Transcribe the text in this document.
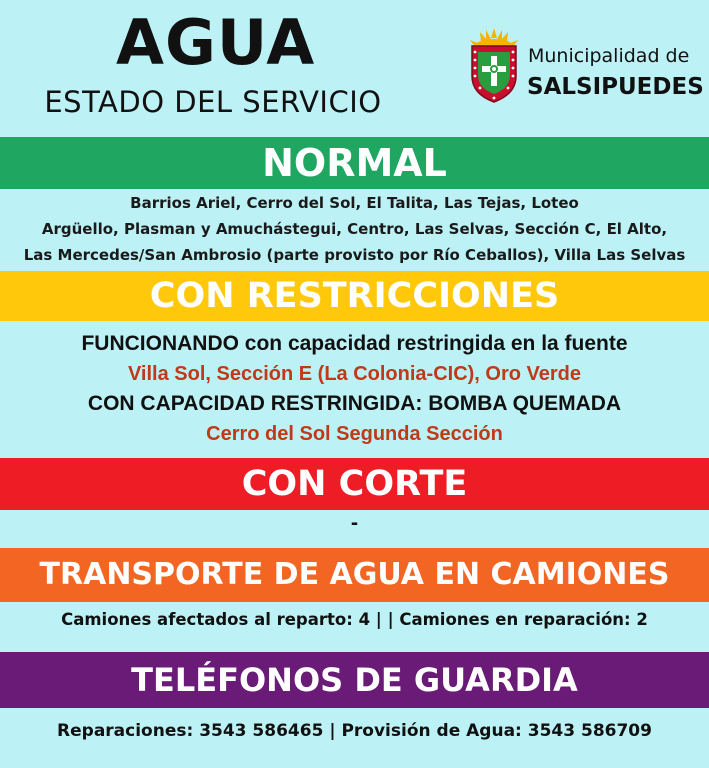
AGUA
ESTADO DEL SERVICIO
Municipalidad de
SALSIPUEDES
NORMAL
Barrios Ariel, Cerro del Sol, El Talita, Las Tejas, Loteo
Argüello, Plasman y Amuchástegui, Centro, Las Selvas, Sección C, El Alto,
Las Mercedes/San Ambrosio (parte provisto por Río Ceballos), Villa Las Selvas
CON RESTRICCIONES
FUNCIONANDO con capacidad restringida en la fuente
Villa Sol, Sección E (La Colonia-CIC), Oro Verde
CON CAPACIDAD RESTRINGIDA: BOMBA QUEMADA
Cerro del Sol Segunda Sección
CON CORTE
-
TRANSPORTE DE AGUA EN CAMIONES
Camiones afectados al reparto: 4 | | Camiones en reparación: 2
TELÉFONOS DE GUARDIA
Reparaciones: 3543 586465 | Provisión de Agua: 3543 586709
